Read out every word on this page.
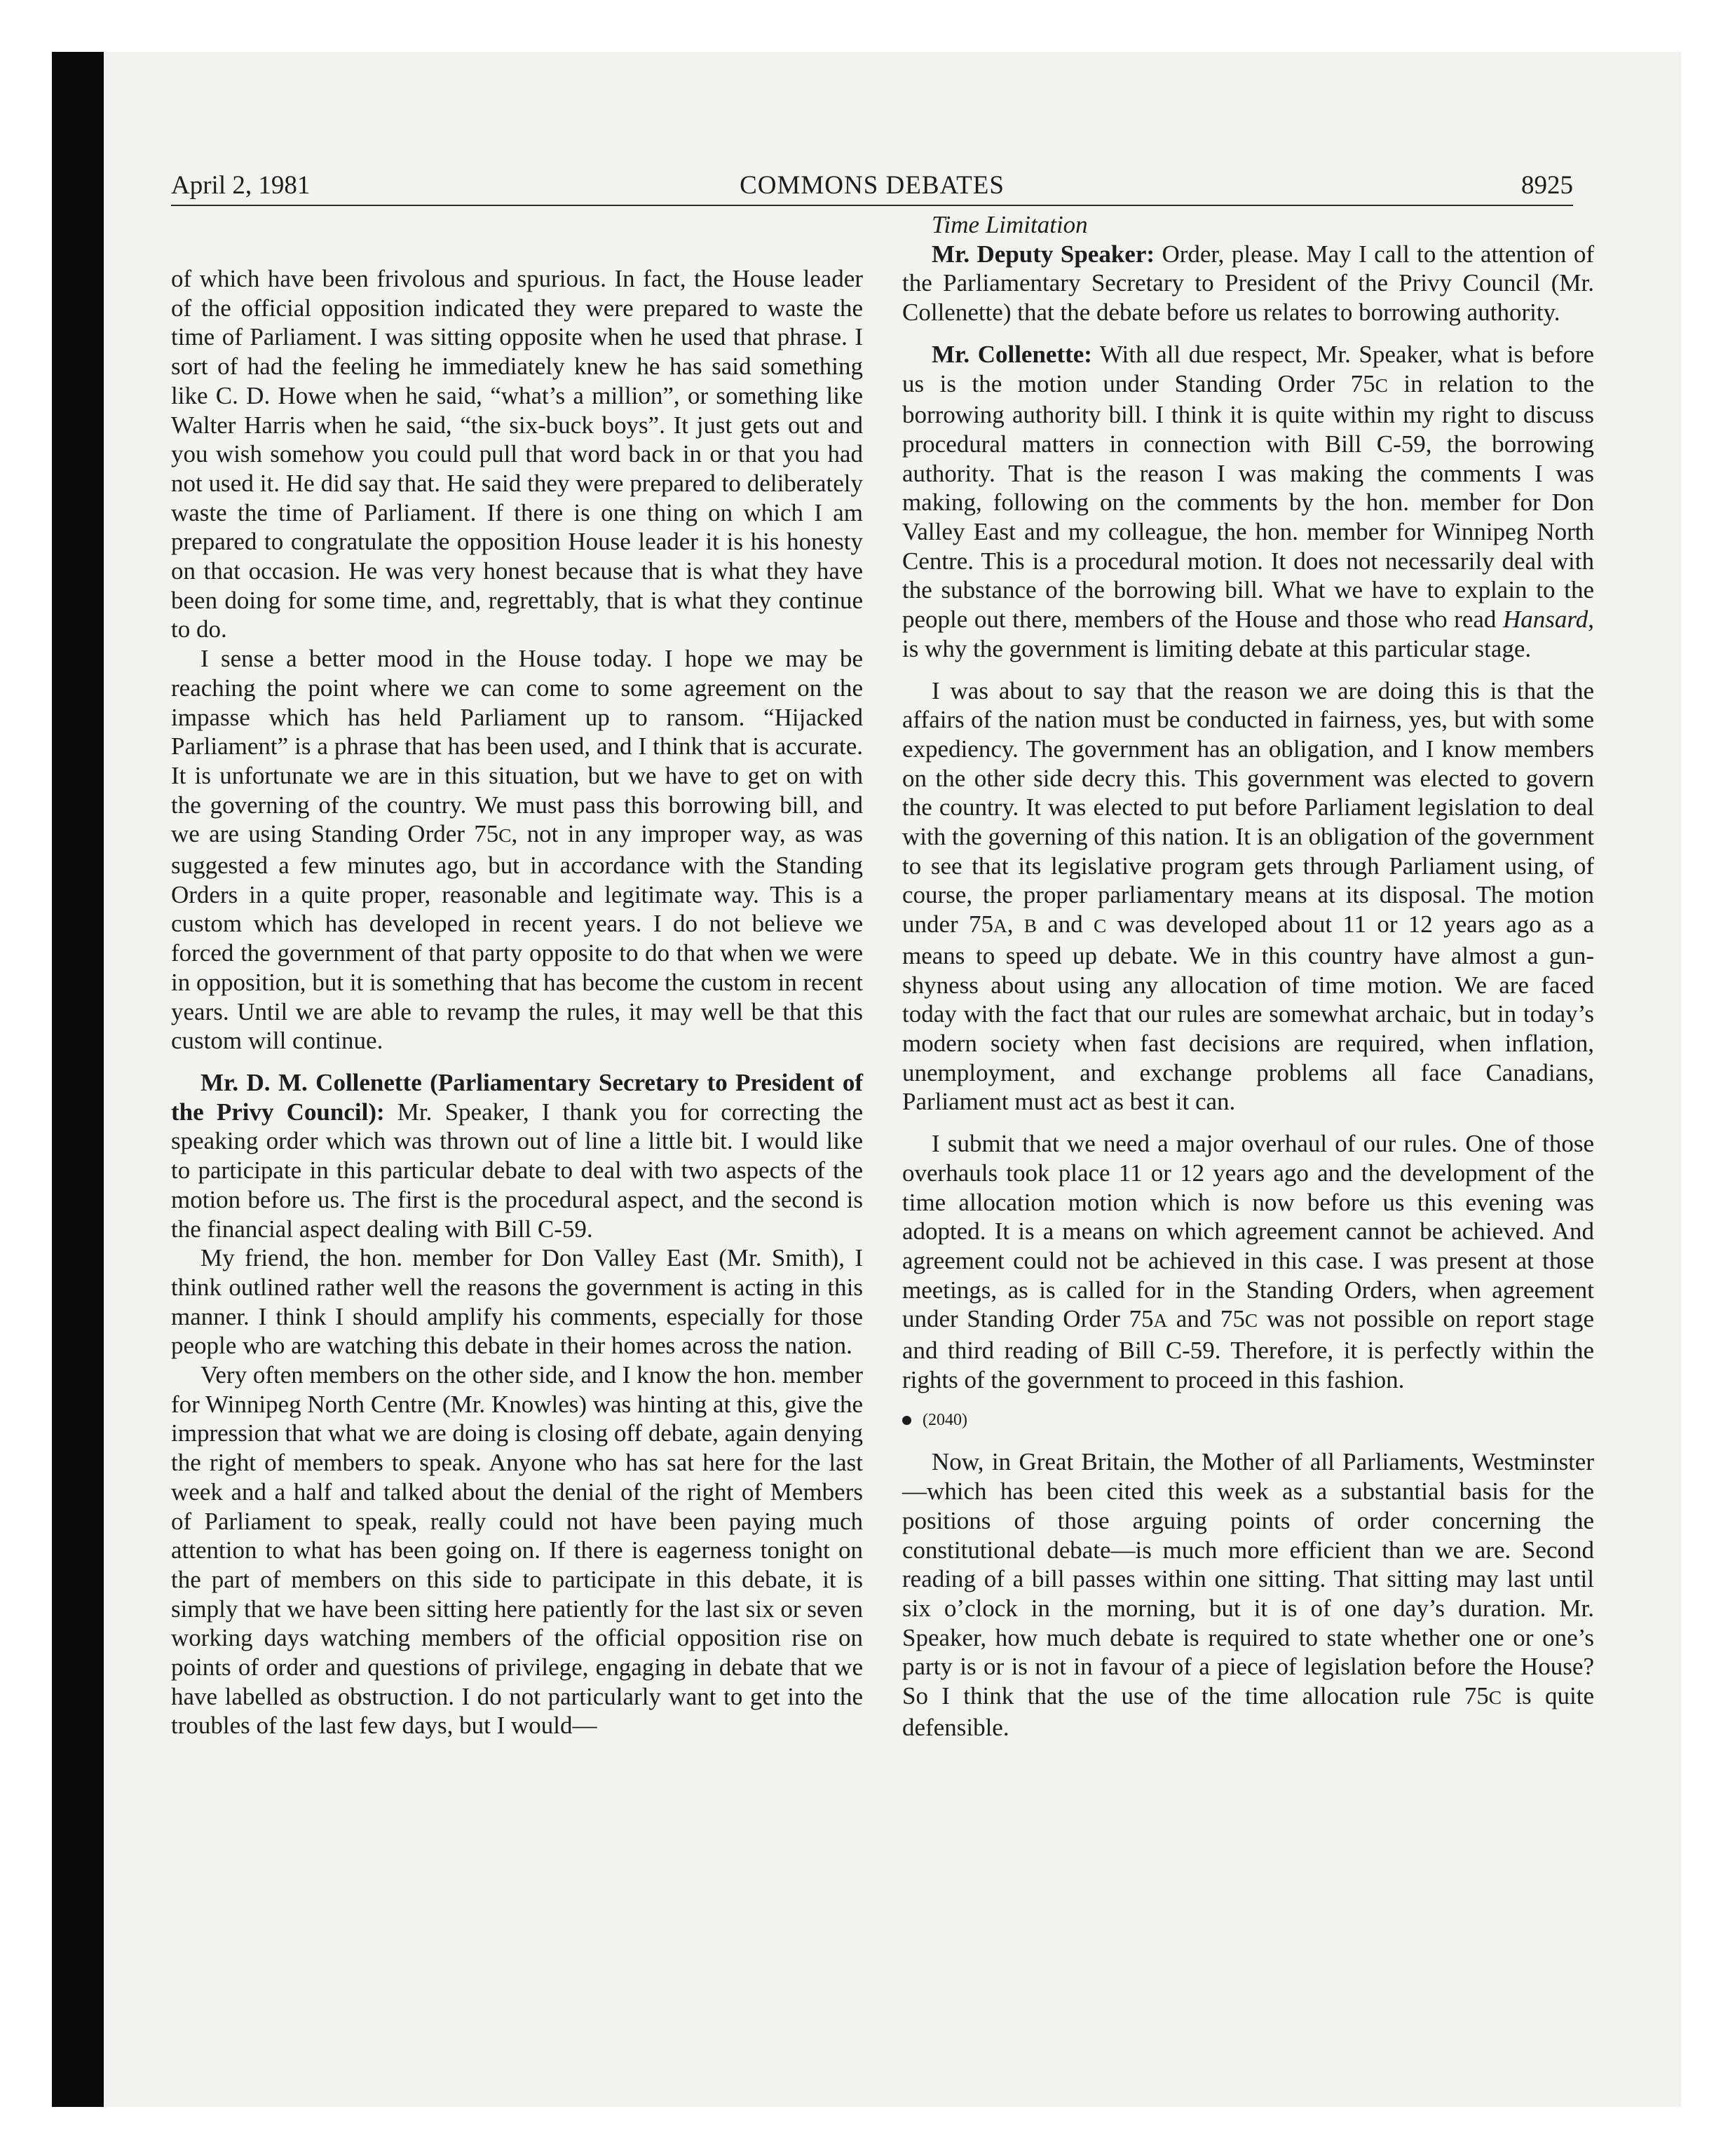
April 2, 1981	COMMONS DEBATES	8925

of which have been frivolous and spurious. In fact, the House leader of the official opposition indicated they were prepared to waste the time of Parliament. I was sitting opposite when he used that phrase. I sort of had the feeling he immediately knew he has said something like C. D. Howe when he said, “what’s a million”, or something like Walter Harris when he said, “the six-buck boys”. It just gets out and you wish somehow you could pull that word back in or that you had not used it. He did say that. He said they were prepared to deliberately waste the time of Parliament. If there is one thing on which I am prepared to congratulate the opposition House leader it is his honesty on that occasion. He was very honest because that is what they have been doing for some time, and, regrettably, that is what they continue to do.

I sense a better mood in the House today. I hope we may be reaching the point where we can come to some agreement on the impasse which has held Parliament up to ransom. “Hijacked Parliament” is a phrase that has been used, and I think that is accurate. It is unfortunate we are in this situation, but we have to get on with the governing of the country. We must pass this borrowing bill, and we are using Standing Order 75C, not in any improper way, as was suggested a few minutes ago, but in accordance with the Standing Orders in a quite proper, reasonable and legitimate way. This is a custom which has developed in recent years. I do not believe we forced the government of that party opposite to do that when we were in opposition, but it is something that has become the custom in recent years. Until we are able to revamp the rules, it may well be that this custom will continue.

Mr. D. M. Collenette (Parliamentary Secretary to President of the Privy Council): Mr. Speaker, I thank you for correcting the speaking order which was thrown out of line a little bit. I would like to participate in this particular debate to deal with two aspects of the motion before us. The first is the procedural aspect, and the second is the financial aspect dealing with Bill C-59.

My friend, the hon. member for Don Valley East (Mr. Smith), I think outlined rather well the reasons the government is acting in this manner. I think I should amplify his comments, especially for those people who are watching this debate in their homes across the nation.

Very often members on the other side, and I know the hon. member for Winnipeg North Centre (Mr. Knowles) was hinting at this, give the impression that what we are doing is closing off debate, again denying the right of members to speak. Anyone who has sat here for the last week and a half and talked about the denial of the right of Members of Parliament to speak, really could not have been paying much attention to what has been going on. If there is eagerness tonight on the part of members on this side to participate in this debate, it is simply that we have been sitting here patiently for the last six or seven working days watching members of the official opposition rise on points of order and questions of privilege, engaging in debate that we have labelled as obstruction. I do not particularly want to get into the troubles of the last few days, but I would—

Time Limitation

Mr. Deputy Speaker: Order, please. May I call to the attention of the Parliamentary Secretary to President of the Privy Council (Mr. Collenette) that the debate before us relates to borrowing authority.

Mr. Collenette: With all due respect, Mr. Speaker, what is before us is the motion under Standing Order 75C in relation to the borrowing authority bill. I think it is quite within my right to discuss procedural matters in connection with Bill C-59, the borrowing authority. That is the reason I was making the comments I was making, following on the comments by the hon. member for Don Valley East and my colleague, the hon. member for Winnipeg North Centre. This is a procedural motion. It does not necessarily deal with the substance of the borrowing bill. What we have to explain to the people out there, members of the House and those who read Hansard, is why the government is limiting debate at this particular stage.

I was about to say that the reason we are doing this is that the affairs of the nation must be conducted in fairness, yes, but with some expediency. The government has an obligation, and I know members on the other side decry this. This government was elected to govern the country. It was elected to put before Parliament legislation to deal with the governing of this nation. It is an obligation of the government to see that its legislative program gets through Parliament using, of course, the proper parliamentary means at its disposal. The motion under 75A, B and C was developed about 11 or 12 years ago as a means to speed up debate. We in this country have almost a gun-shyness about using any allocation of time motion. We are faced today with the fact that our rules are somewhat archaic, but in today’s modern society when fast decisions are required, when inflation, unemployment, and exchange problems all face Canadians, Parliament must act as best it can.

I submit that we need a major overhaul of our rules. One of those overhauls took place 11 or 12 years ago and the development of the time allocation motion which is now before us this evening was adopted. It is a means on which agreement cannot be achieved. And agreement could not be achieved in this case. I was present at those meetings, as is called for in the Standing Orders, when agreement under Standing Order 75A and 75C was not possible on report stage and third reading of Bill C-59. Therefore, it is perfectly within the rights of the government to proceed in this fashion.

(2040)

Now, in Great Britain, the Mother of all Parliaments, Westminster—which has been cited this week as a substantial basis for the positions of those arguing points of order concerning the constitutional debate—is much more efficient than we are. Second reading of a bill passes within one sitting. That sitting may last until six o’clock in the morning, but it is of one day’s duration. Mr. Speaker, how much debate is required to state whether one or one’s party is or is not in favour of a piece of legislation before the House? So I think that the use of the time allocation rule 75C is quite defensible.
